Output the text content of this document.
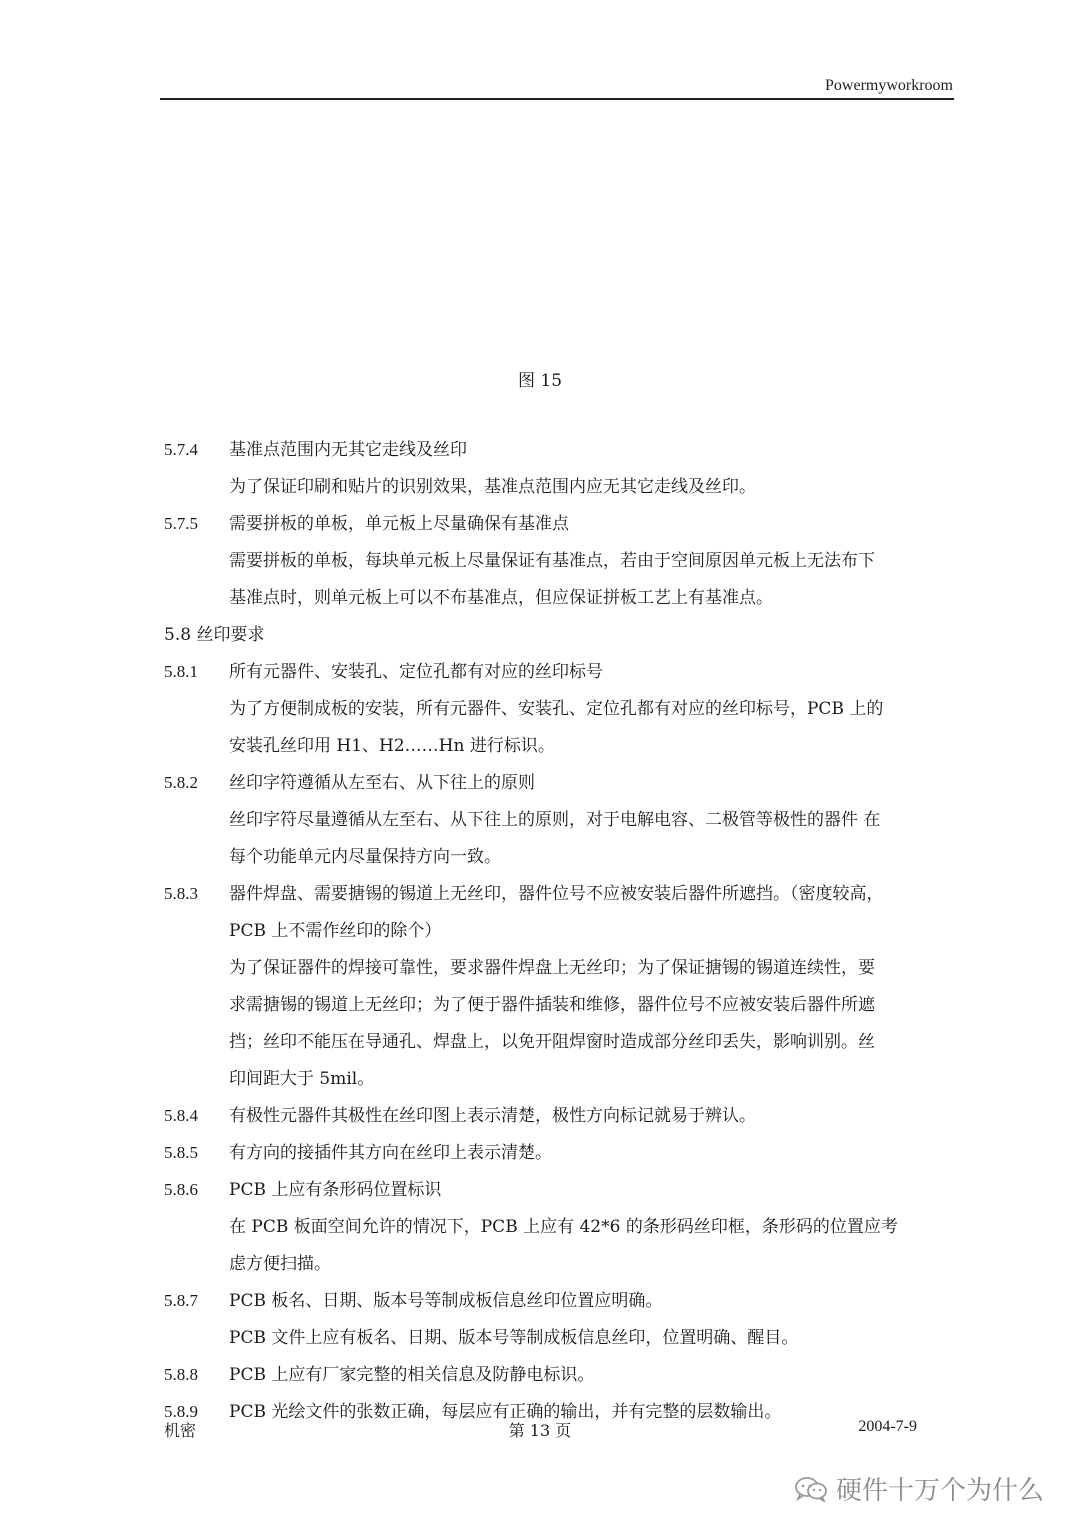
Powermyworkroom
图 15
5.7.4 基准点范围内无其它走线及丝印
为了保证印刷和贴片的识别效果，基准点范围内应无其它走线及丝印。
5.7.5 需要拼板的单板，单元板上尽量确保有基准点
需要拼板的单板，每块单元板上尽量保证有基准点，若由于空间原因单元板上无法布下
基准点时，则单元板上可以不布基准点，但应保证拼板工艺上有基准点。
5.8 丝印要求
5.8.1 所有元器件、安装孔、定位孔都有对应的丝印标号
为了方便制成板的安装，所有元器件、安装孔、定位孔都有对应的丝印标号，PCB 上的
安装孔丝印用 H1、H2……Hn 进行标识。
5.8.2 丝印字符遵循从左至右、从下往上的原则
丝印字符尽量遵循从左至右、从下往上的原则，对于电解电容、二极管等极性的器件 在
每个功能单元内尽量保持方向一致。
5.8.3 器件焊盘、需要搪锡的锡道上无丝印，器件位号不应被安装后器件所遮挡。（密度较高，
PCB 上不需作丝印的除个）
为了保证器件的焊接可靠性，要求器件焊盘上无丝印；为了保证搪锡的锡道连续性，要
求需搪锡的锡道上无丝印；为了便于器件插装和维修，器件位号不应被安装后器件所遮
挡；丝印不能压在导通孔、焊盘上，以免开阻焊窗时造成部分丝印丢失，影响训别。丝
印间距大于 5mil。
5.8.4 有极性元器件其极性在丝印图上表示清楚，极性方向标记就易于辨认。
5.8.5 有方向的接插件其方向在丝印上表示清楚。
5.8.6 PCB 上应有条形码位置标识
在 PCB 板面空间允许的情况下，PCB 上应有 42*6 的条形码丝印框，条形码的位置应考
虑方便扫描。
5.8.7 PCB 板名、日期、版本号等制成板信息丝印位置应明确。
PCB 文件上应有板名、日期、版本号等制成板信息丝印，位置明确、醒目。
5.8.8 PCB 上应有厂家完整的相关信息及防静电标识。
5.8.9 PCB 光绘文件的张数正确，每层应有正确的输出，并有完整的层数输出。
机密	第 13 页	2004-7-9
硬件十万个为什么
